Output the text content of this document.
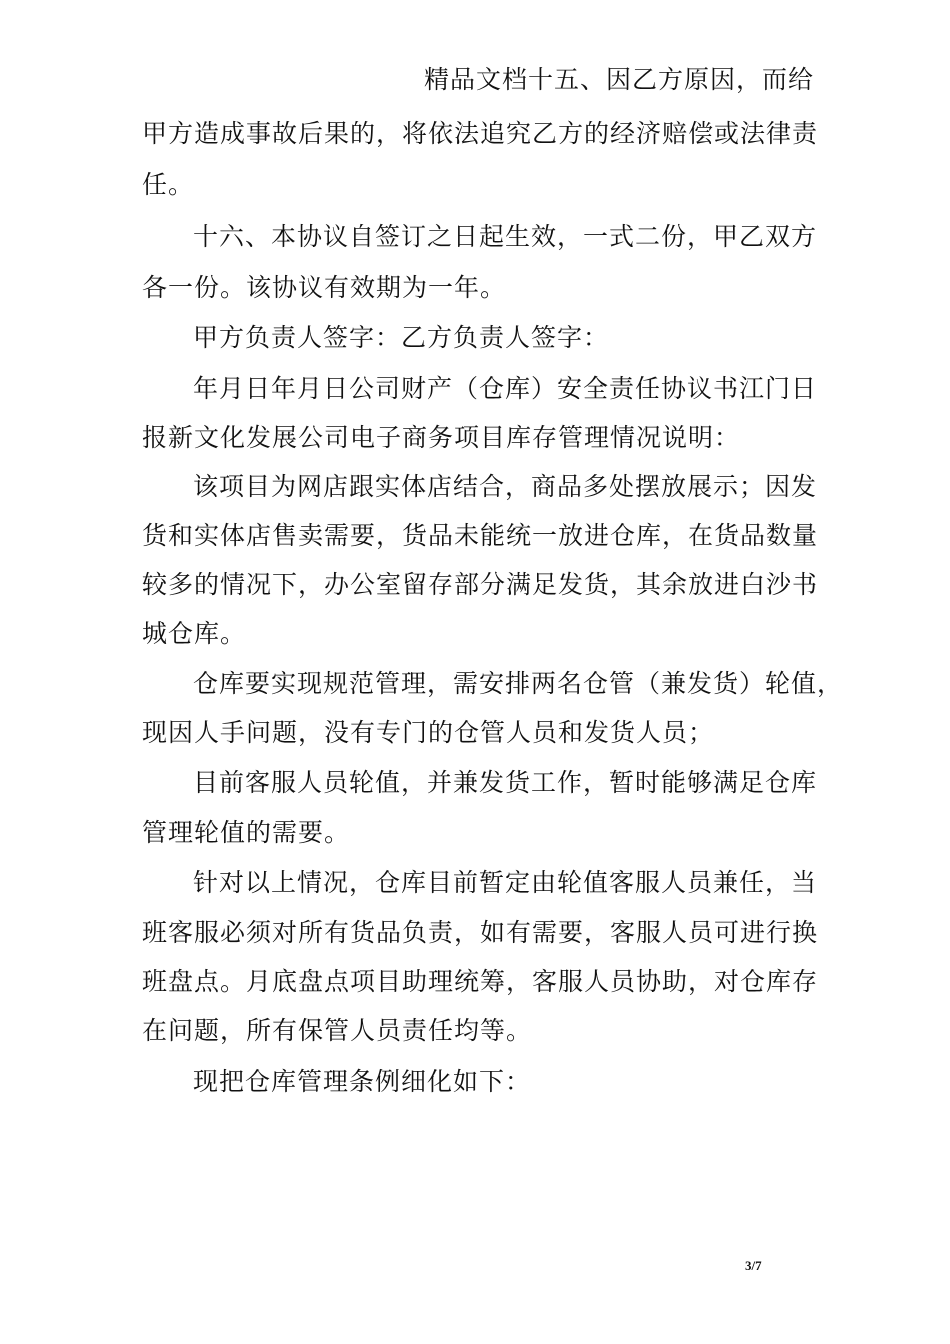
精品文档十五、因乙方原因，而给
甲方造成事故后果的，将依法追究乙方的经济赔偿或法律责
任。
十六、本协议自签订之日起生效，一式二份，甲乙双方
各一份。该协议有效期为一年。
甲方负责人签字：乙方负责人签字：
年月日年月日公司财产（仓库）安全责任协议书江门日
报新文化发展公司电子商务项目库存管理情况说明：
该项目为网店跟实体店结合，商品多处摆放展示；因发
货和实体店售卖需要，货品未能统一放进仓库，在货品数量
较多的情况下，办公室留存部分满足发货，其余放进白沙书
城仓库。
仓库要实现规范管理，需安排两名仓管（兼发货）轮值，
现因人手问题，没有专门的仓管人员和发货人员；
目前客服人员轮值，并兼发货工作，暂时能够满足仓库
管理轮值的需要。
针对以上情况，仓库目前暂定由轮值客服人员兼任，当
班客服必须对所有货品负责，如有需要，客服人员可进行换
班盘点。月底盘点项目助理统筹，客服人员协助，对仓库存
在问题，所有保管人员责任均等。
现把仓库管理条例细化如下：
3/7
